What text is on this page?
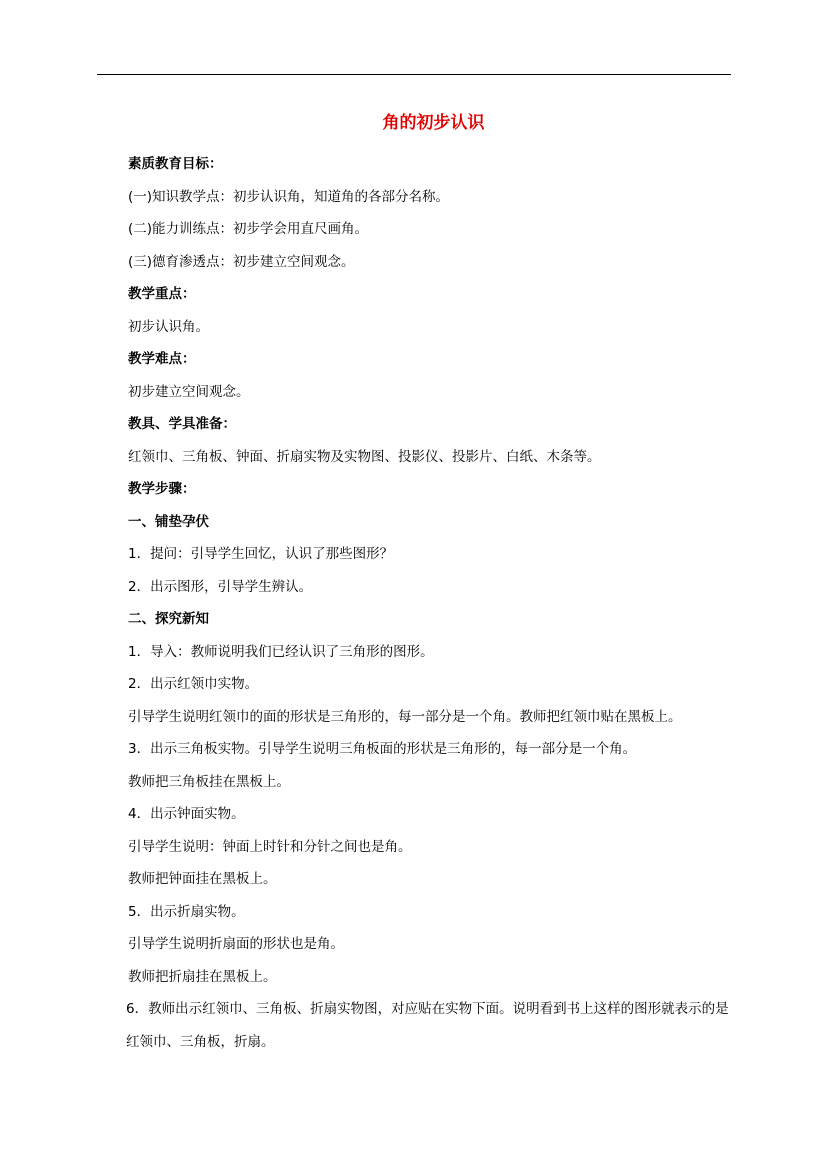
角的初步认识
素质教育目标：
(一)知识教学点：初步认识角，知道角的各部分名称。
(二)能力训练点：初步学会用直尺画角。
(三)德育渗透点：初步建立空间观念。
教学重点：
初步认识角。
教学难点：
初步建立空间观念。
教具、学具准备：
红领巾、三角板、钟面、折扇实物及实物图、投影仪、投影片、白纸、木条等。
教学步骤：
一、铺垫孕伏
1．提问：引导学生回忆，认识了那些图形？
2．出示图形，引导学生辨认。
二、探究新知
1．导入：教师说明我们已经认识了三角形的图形。
2．出示红领巾实物。
引导学生说明红领巾的面的形状是三角形的，每一部分是一个角。教师把红领巾贴在黑板上。
3．出示三角板实物。引导学生说明三角板面的形状是三角形的，每一部分是一个角。
教师把三角板挂在黑板上。
4．出示钟面实物。
引导学生说明：钟面上时针和分针之间也是角。
教师把钟面挂在黑板上。
5．出示折扇实物。
引导学生说明折扇面的形状也是角。
教师把折扇挂在黑板上。
6．教师出示红领巾、三角板、折扇实物图，对应贴在实物下面。说明看到书上这样的图形就表示的是红领巾、三角板，折扇。
